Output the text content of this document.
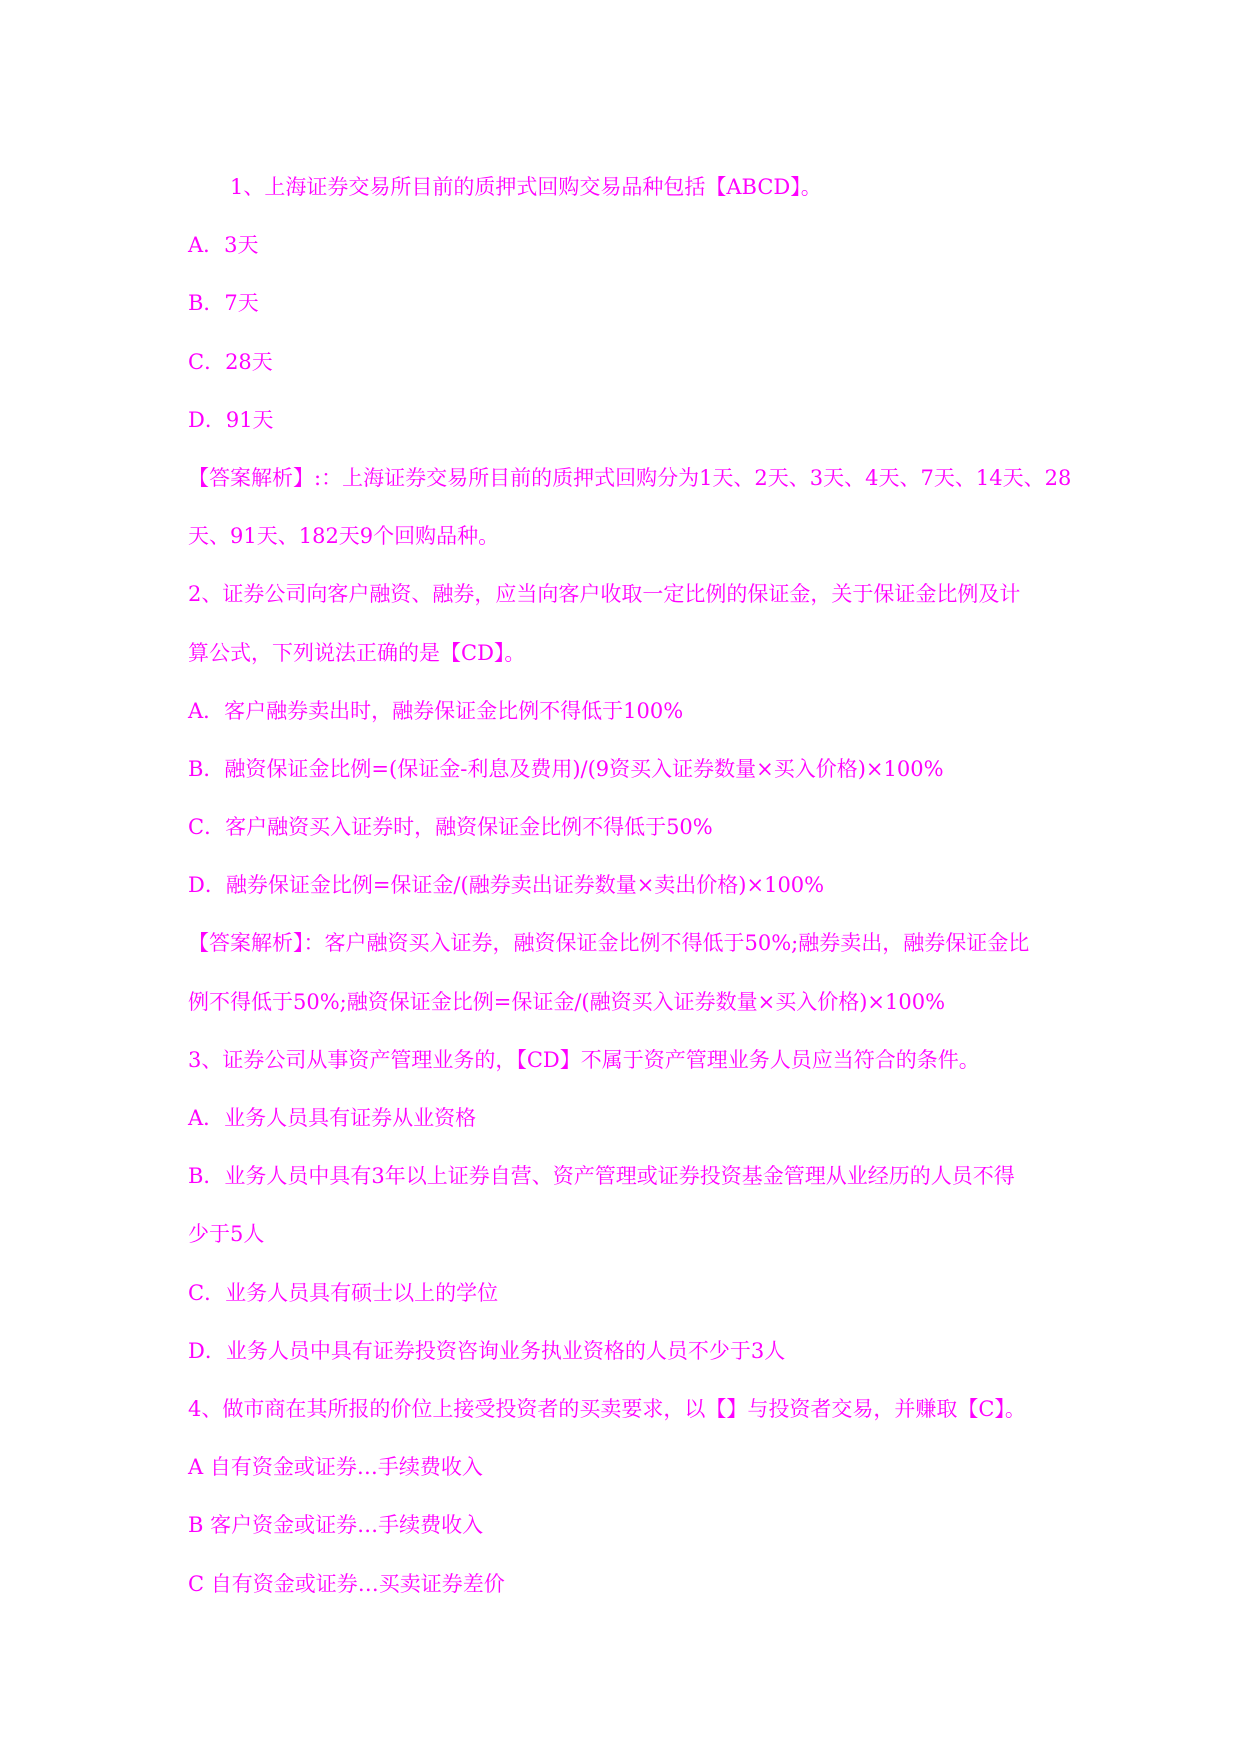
1、上海证券交易所目前的质押式回购交易品种包括【ABCD】。
A．3天
B．7天
C．28天
D．91天
【答案解析】:：上海证券交易所目前的质押式回购分为1天、2天、3天、4天、7天、14天、28
天、91天、182天9个回购品种。
2、证券公司向客户融资、融券，应当向客户收取一定比例的保证金，关于保证金比例及计
算公式，下列说法正确的是【CD】。
A．客户融券卖出时，融券保证金比例不得低于100%
B．融资保证金比例=(保证金-利息及费用)/(9资买入证券数量×买入价格)×100%
C．客户融资买入证券时，融资保证金比例不得低于50%
D．融券保证金比例=保证金/(融券卖出证券数量×卖出价格)×100%
【答案解析】：客户融资买入证券，融资保证金比例不得低于50%;融券卖出，融券保证金比
例不得低于50%;融资保证金比例=保证金/(融资买入证券数量×买入价格)×100%
3、证券公司从事资产管理业务的，【CD】不属于资产管理业务人员应当符合的条件。
A．业务人员具有证券从业资格
B．业务人员中具有3年以上证券自营、资产管理或证券投资基金管理从业经历的人员不得
少于5人
C．业务人员具有硕士以上的学位
D．业务人员中具有证券投资咨询业务执业资格的人员不少于3人
4、做市商在其所报的价位上接受投资者的买卖要求，以【】与投资者交易，并赚取【C】。
A 自有资金或证券…手续费收入
B 客户资金或证券…手续费收入
C 自有资金或证券…买卖证券差价
